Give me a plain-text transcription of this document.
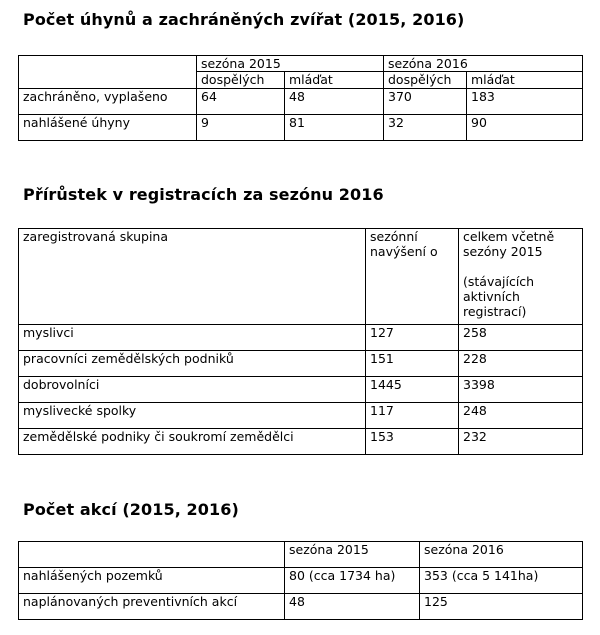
Počet úhynů a zachráněných zvířat (2015, 2016)
	sezóna 2015		sezóna 2016	
	dospělých	mláďat	dospělých	mláďat
zachráněno, vyplašeno	64	48	370	183
nahlášené úhyny	9	81	32	90
Přírůstek v registracích za sezónu 2016
zaregistrovaná skupina	sezónní navýšení o	celkem včetně sezóny 2015
(stávajících aktivních registrací)

myslivci	127	258
pracovníci zemědělských podniků	151	228
dobrovolníci	1445	3398
myslivecké spolky	117	248
zemědělské podniky či soukromí zemědělci	153	232
Počet akcí (2015, 2016)
	sezóna 2015	sezóna 2016
nahlášených pozemků	80 (cca 1734 ha)	353 (cca 5 141ha)
naplánovaných preventivních akcí	48	125
